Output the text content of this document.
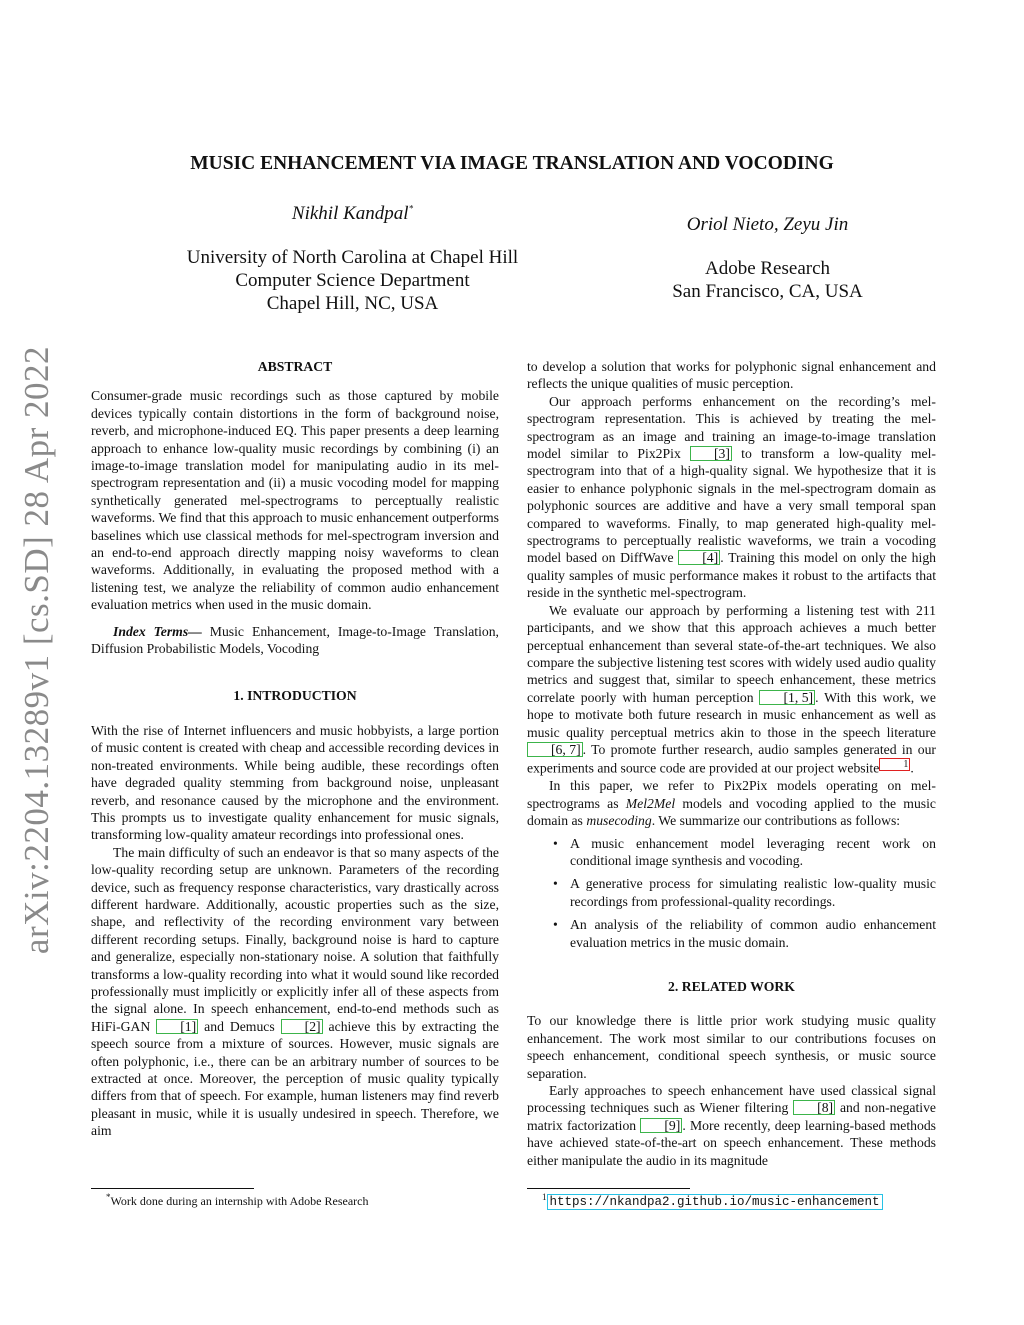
arXiv:2204.13289v1 [cs.SD] 28 Apr 2022
MUSIC ENHANCEMENT VIA IMAGE TRANSLATION AND VOCODING
Nikhil Kandpal*
University of North Carolina at Chapel Hill
Computer Science Department
Chapel Hill, NC, USA
Oriol Nieto, Zeyu Jin
Adobe Research
San Francisco, CA, USA

ABSTRACT

Consumer-grade music recordings such as those captured by mobile devices typically contain distortions in the form of background noise, reverb, and microphone-induced EQ. This paper presents a deep learning approach to enhance low-quality music recordings by combining (i) an image-to-image translation model for manipulating audio in its mel-spectrogram representation and (ii) a music vocoding model for mapping synthetically generated mel-spectrograms to perceptually realistic waveforms. We find that this approach to music enhancement outperforms baselines which use classical methods for mel-spectrogram inversion and an end-to-end approach directly mapping noisy waveforms to clean waveforms. Additionally, in evaluating the proposed method with a listening test, we analyze the reliability of common audio enhancement evaluation metrics when used in the music domain.

Index Terms— Music Enhancement, Image-to-Image Translation, Diffusion Probabilistic Models, Vocoding

1. INTRODUCTION

With the rise of Internet influencers and music hobbyists, a large portion of music content is created with cheap and accessible recording devices in non-treated environments. While being audible, these recordings often have degraded quality stemming from background noise, unpleasant reverb, and resonance caused by the microphone and the environment. This prompts us to investigate quality enhancement for music signals, transforming low-quality amateur recordings into professional ones.

The main difficulty of such an endeavor is that so many aspects of the low-quality recording setup are unknown. Parameters of the recording device, such as frequency response characteristics, vary drastically across different hardware. Additionally, acoustic properties such as the size, shape, and reflectivity of the recording environment vary between different recording setups. Finally, background noise is hard to capture and generalize, especially non-stationary noise. A solution that faithfully transforms a low-quality recording into what it would sound like recorded professionally must implicitly or explicitly infer all of these aspects from the signal alone. In speech enhancement, end-to-end methods such as HiFi-GAN [1] and Demucs [2] achieve this by extracting the speech source from a mixture of sources. However, music signals are often polyphonic, i.e., there can be an arbitrary number of sources to be extracted at once. Moreover, the perception of music quality typically differs from that of speech. For example, human listeners may find reverb pleasant in music, while it is usually undesired in speech. Therefore, we aim

*Work done during an internship with Adobe Research

to develop a solution that works for polyphonic signal enhancement and reflects the unique qualities of music perception.

Our approach performs enhancement on the recording’s mel-spectrogram representation. This is achieved by treating the mel-spectrogram as an image and training an image-to-image translation model similar to Pix2Pix [3] to transform a low-quality mel-spectrogram into that of a high-quality signal. We hypothesize that it is easier to enhance polyphonic signals in the mel-spectrogram domain as polyphonic sources are additive and have a very small temporal span compared to waveforms. Finally, to map generated high-quality mel-spectrograms to perceptually realistic waveforms, we train a vocoding model based on DiffWave [4] . Training this model on only the high quality samples of music performance makes it robust to the artifacts that reside in the synthetic mel-spectrogram.

We evaluate our approach by performing a listening test with 211 participants, and we show that this approach achieves a much better perceptual enhancement than several state-of-the-art techniques. We also compare the subjective listening test scores with widely used audio quality metrics and suggest that, similar to speech enhancement, these metrics correlate poorly with human perception [1, 5] . With this work, we hope to motivate both future research in music enhancement as well as music quality perceptual metrics akin to those in the speech literature [6, 7] . To promote further research, audio samples generated in our experiments and source code are provided at our project website 1 .

In this paper, we refer to Pix2Pix models operating on mel-spectrograms as Mel2Mel models and vocoding applied to the music domain as musecoding. We summarize our contributions as follows:

• A music enhancement model leveraging recent work on conditional image synthesis and vocoding.
• A generative process for simulating realistic low-quality music recordings from professional-quality recordings.
• An analysis of the reliability of common audio enhancement evaluation metrics in the music domain.

2. RELATED WORK

To our knowledge there is little prior work studying music quality enhancement. The work most similar to our contributions focuses on speech enhancement, conditional speech synthesis, or music source separation.

Early approaches to speech enhancement have used classical signal processing techniques such as Wiener filtering [8] and non-negative matrix factorization [9] . More recently, deep learning-based methods have achieved state-of-the-art on speech enhancement. These methods either manipulate the audio in its magnitude

$^1$ https://nkandpa2.github.io/music-enhancement
